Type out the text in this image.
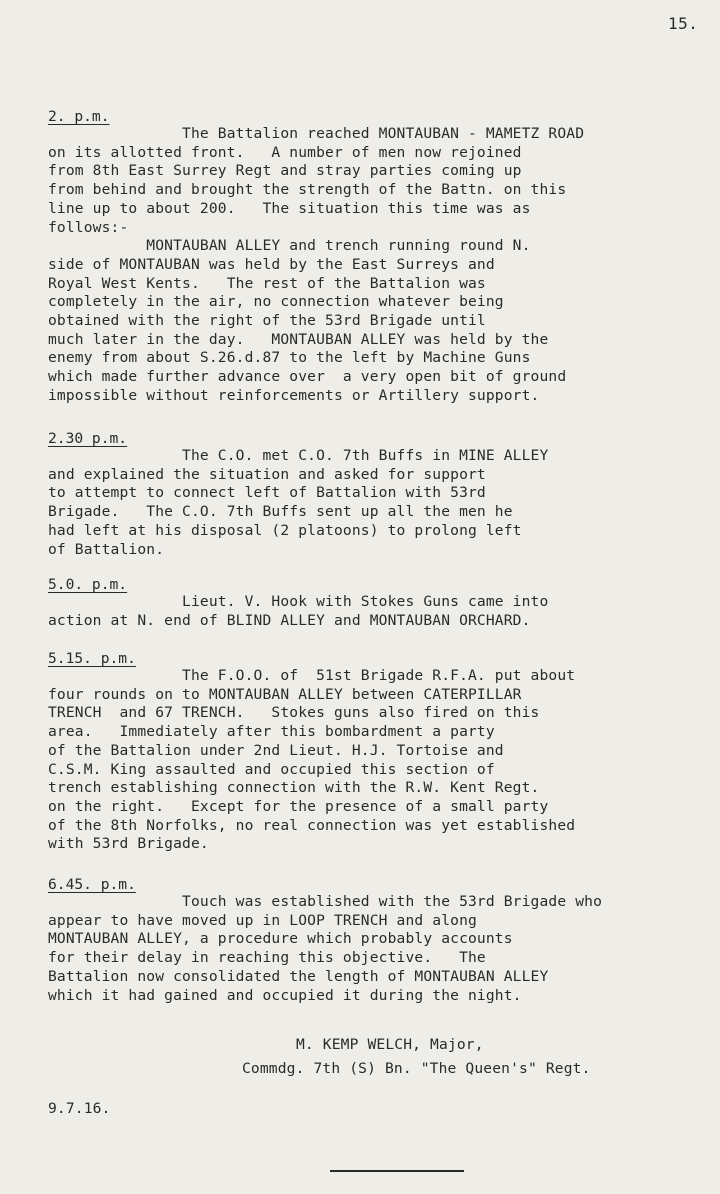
15.
2. p.m.
The Battalion reached MONTAUBAN - MAMETZ ROAD
on its allotted front.   A number of men now rejoined
from 8th East Surrey Regt and stray parties coming up
from behind and brought the strength of the Battn. on this
line up to about 200.   The situation this time was as
follows:-
MONTAUBAN ALLEY and trench running round N.
side of MONTAUBAN was held by the East Surreys and
Royal West Kents.   The rest of the Battalion was
completely in the air, no connection whatever being
obtained with the right of the 53rd Brigade until
much later in the day.   MONTAUBAN ALLEY was held by the
enemy from about S.26.d.87 to the left by Machine Guns
which made further advance over  a very open bit of ground
impossible without reinforcements or Artillery support.
2.30 p.m.
The C.O. met C.O. 7th Buffs in MINE ALLEY
and explained the situation and asked for support
to attempt to connect left of Battalion with 53rd
Brigade.   The C.O. 7th Buffs sent up all the men he
had left at his disposal (2 platoons) to prolong left
of Battalion.
5.0. p.m.
Lieut. V. Hook with Stokes Guns came into
action at N. end of BLIND ALLEY and MONTAUBAN ORCHARD.
5.15. p.m.
The F.O.O. of  51st Brigade R.F.A. put about
four rounds on to MONTAUBAN ALLEY between CATERPILLAR
TRENCH  and 67 TRENCH.   Stokes guns also fired on this
area.   Immediately after this bombardment a party
of the Battalion under 2nd Lieut. H.J. Tortoise and
C.S.M. King assaulted and occupied this section of
trench establishing connection with the R.W. Kent Regt.
on the right.   Except for the presence of a small party
of the 8th Norfolks, no real connection was yet established
with 53rd Brigade.
6.45. p.m.
Touch was established with the 53rd Brigade who
appear to have moved up in LOOP TRENCH and along
MONTAUBAN ALLEY, a procedure which probably accounts
for their delay in reaching this objective.   The
Battalion now consolidated the length of MONTAUBAN ALLEY
which it had gained and occupied it during the night.
M. KEMP WELCH, Major,
Commdg. 7th (S) Bn. "The Queen's" Regt.
9.7.16.
